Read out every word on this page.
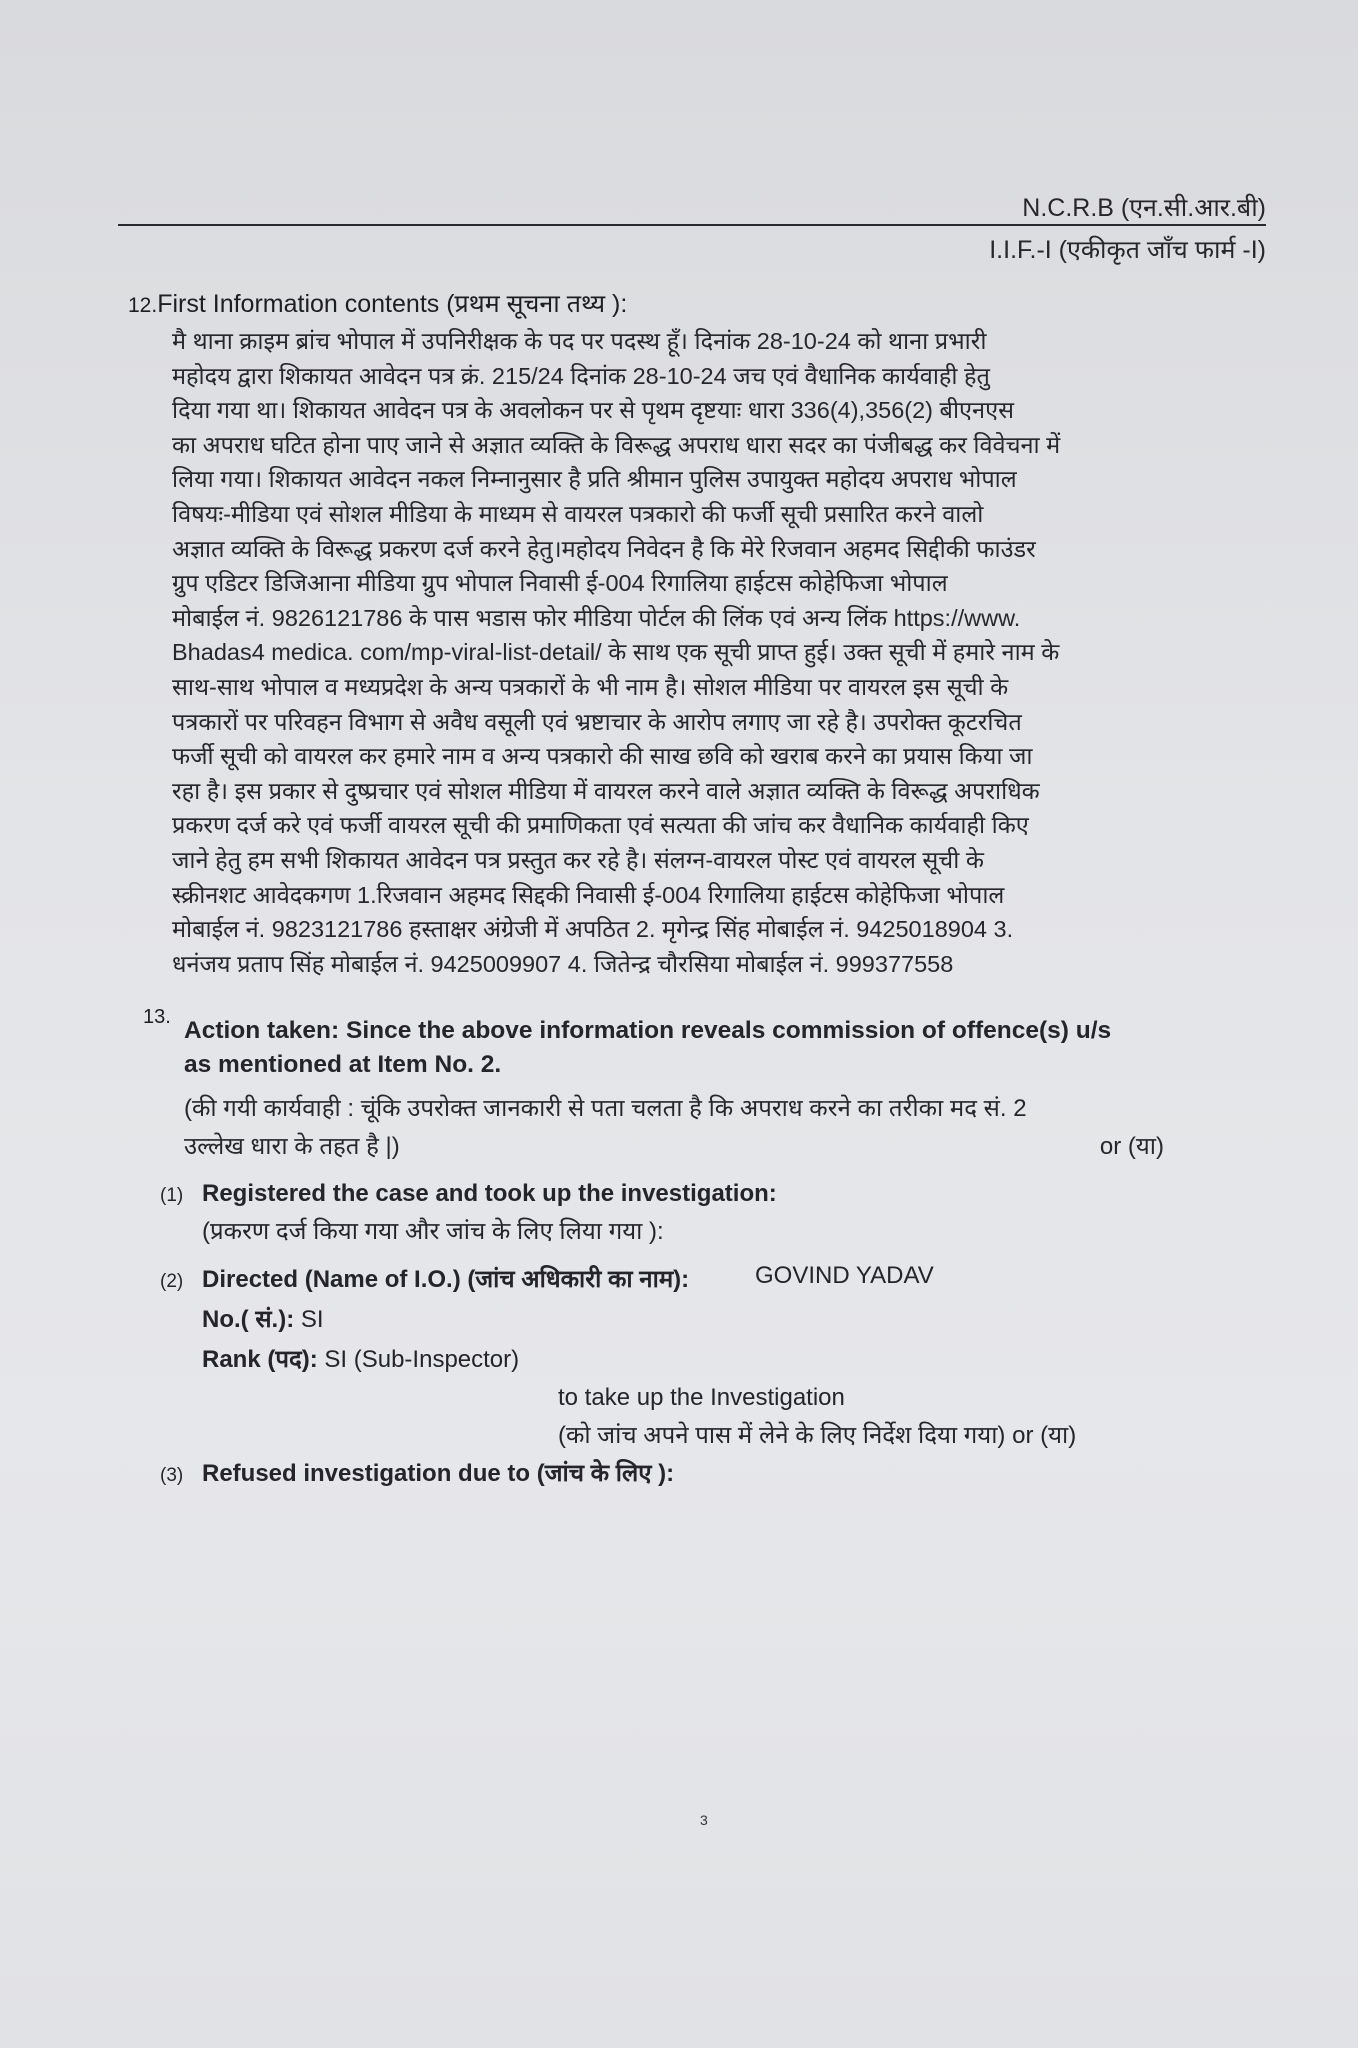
N.C.R.B (एन.सी.आर.बी)
I.I.F.-I (एकीकृत जाँच फार्म -I)
12.First Information contents (प्रथम सूचना तथ्य ):
मै थाना क्राइम ब्रांच भोपाल में उपनिरीक्षक के पद पर पदस्थ हूँ। दिनांक 28-10-24 को थाना प्रभारी
महोदय द्वारा शिकायत आवेदन पत्र क्रं. 215/24 दिनांक 28-10-24 जच एवं वैधानिक कार्यवाही हेतु
दिया गया था। शिकायत आवेदन पत्र के अवलोकन पर से पृथम दृष्टयाः धारा 336(4),356(2) बीएनएस
का अपराध घटित होना पाए जाने से अज्ञात व्यक्ति के विरूद्ध अपराध धारा सदर का पंजीबद्ध कर विवेचना में
लिया गया। शिकायत आवेदन नकल निम्नानुसार है प्रति श्रीमान पुलिस उपायुक्त महोदय अपराध भोपाल
विषयः-मीडिया एवं सोशल मीडिया के माध्यम से वायरल पत्रकारो की फर्जी सूची प्रसारित करने वालो
अज्ञात व्यक्ति के विरूद्ध प्रकरण दर्ज करने हेतु।महोदय निवेदन है कि मेरे रिजवान अहमद सिद्दीकी फाउंडर
ग्रुप एडिटर डिजिआना मीडिया ग्रुप भोपाल निवासी ई-004 रिगालिया हाईटस कोहेफिजा भोपाल
मोबाईल नं. 9826121786 के पास भडास फोर मीडिया पोर्टल की लिंक एवं अन्य लिंक https://www.
Bhadas4 medica. com/mp-viral-list-detail/ के साथ एक सूची प्राप्त हुई। उक्त सूची में हमारे नाम के
साथ-साथ भोपाल व मध्यप्रदेश के अन्य पत्रकारों के भी नाम है। सोशल मीडिया पर वायरल इस सूची के
पत्रकारों पर परिवहन विभाग से अवैध वसूली एवं भ्रष्टाचार के आरोप लगाए जा रहे है। उपरोक्त कूटरचित
फर्जी सूची को वायरल कर हमारे नाम व अन्य पत्रकारो की साख छवि को खराब करने का प्रयास किया जा
रहा है। इस प्रकार से दुष्प्रचार एवं सोशल मीडिया में वायरल करने वाले अज्ञात व्यक्ति के विरूद्ध अपराधिक
प्रकरण दर्ज करे एवं फर्जी वायरल सूची की प्रमाणिकता एवं सत्यता की जांच कर वैधानिक कार्यवाही किए
जाने हेतु हम सभी शिकायत आवेदन पत्र प्रस्तुत कर रहे है। संलग्न-वायरल पोस्ट एवं वायरल सूची के
स्क्रीनशट आवेदकगण 1.रिजवान अहमद सिद्दकी निवासी ई-004 रिगालिया हाईटस कोहेफिजा भोपाल
मोबाईल नं. 9823121786 हस्ताक्षर अंग्रेजी में अपठित 2. मृगेन्द्र सिंह मोबाईल नं. 9425018904 3.
धनंजय प्रताप सिंह मोबाईल नं. 9425009907 4. जितेन्द्र चौरसिया मोबाईल नं. 999377558
13. Action taken: Since the above information reveals commission of offence(s) u/s
as mentioned at Item No. 2.
(की गयी कार्यवाही : चूंकि उपरोक्त जानकारी से पता चलता है कि अपराध करने का तरीका मद सं. 2
उल्लेख धारा के तहत है |)	or (या)
(1) Registered the case and took up the investigation:
(प्रकरण दर्ज किया गया और जांच के लिए लिया गया ):
(2) Directed (Name of I.O.) (जांच अधिकारी का नाम):	GOVIND YADAV
No.( सं.): SI
Rank (पद): SI (Sub-Inspector)
to take up the Investigation
(को जांच अपने पास में लेने के लिए निर्देश दिया गया) or (या)
(3) Refused investigation due to (जांच के लिए ):
3
